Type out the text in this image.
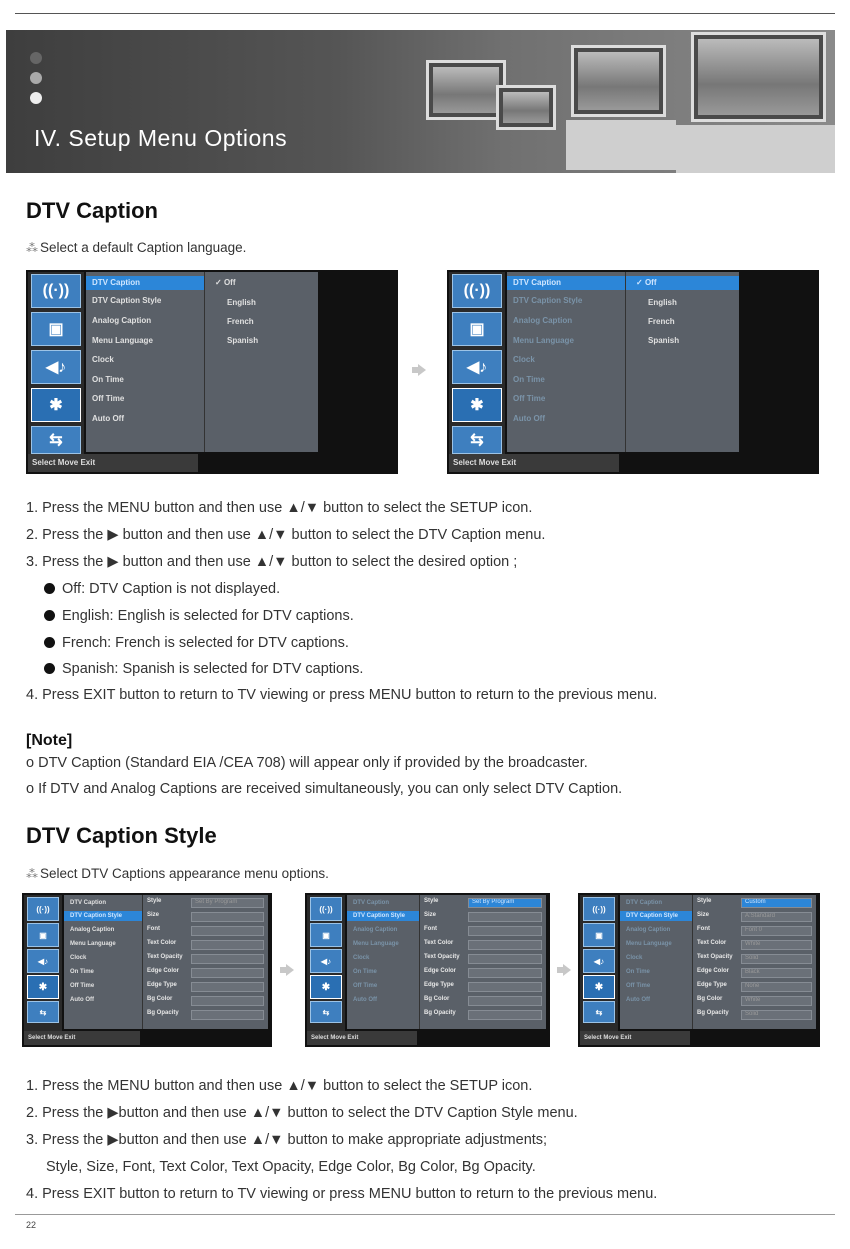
IV. Setup Menu Options
DTV Caption
⁂ Select a default Caption language.
((·))
▣
◀♪
✱
⇆
DTV Caption
DTV Caption Style
Analog Caption
Menu Language
Clock
On Time
Off Time
Auto Off
✓ Off
English
French
Spanish
Select Move Exit
((·))
▣
◀♪
✱
⇆
DTV Caption
DTV Caption Style
Analog Caption
Menu Language
Clock
On Time
Off Time
Auto Off
✓ Off
English
French
Spanish
Select Move Exit
1. Press the MENU button and then use ▲/▼ button to select the SETUP icon.
2. Press the ▶ button and then use ▲/▼ button to select the DTV Caption menu.
3. Press the ▶ button and then use ▲/▼ button to select the desired option ;
Off: DTV Caption is not displayed.
English: English is selected for DTV captions.
French: French is selected for DTV captions.
Spanish: Spanish is selected for DTV captions.
4. Press EXIT button to return to TV viewing or press MENU button to return to the previous menu.
[Note]
o DTV Caption (Standard EIA /CEA 708) will appear only if provided by the broadcaster.
o If DTV and Analog Captions are received simultaneously, you can only select DTV Caption.
DTV Caption Style
⁂ Select DTV Captions appearance menu options.
((·))
▣
◀♪
✱
⇆
DTV Caption
DTV Caption Style
Analog Caption
Menu Language
Clock
On Time
Off Time
Auto Off
Style	Set By Program
Size
Font
Text Color
Text Opacity
Edge Color
Edge Type
Bg Color
Bg Opacity
Select Move Exit
((·))
▣
◀♪
✱
⇆
DTV Caption
DTV Caption Style
Analog Caption
Menu Language
Clock
On Time
Off Time
Auto Off
Style	Set By Program
Size
Font
Text Color
Text Opacity
Edge Color
Edge Type
Bg Color
Bg Opacity
Select Move Exit
((·))
▣
◀♪
✱
⇆
DTV Caption
DTV Caption Style
Analog Caption
Menu Language
Clock
On Time
Off Time
Auto Off
Style	Custom
Size	A:Standard
Font	Font 0
Text Color	White
Text Opacity	Solid
Edge Color	Black
Edge Type	None
Bg Color	White
Bg Opacity	Solid
Select Move Exit
1. Press the MENU button and then use ▲/▼ button to select the SETUP icon.
2. Press the ▶button and then use ▲/▼ button to select the DTV Caption Style menu.
3. Press the ▶button and then use ▲/▼ button to make appropriate adjustments;
Style, Size, Font, Text Color, Text Opacity, Edge Color, Bg Color, Bg Opacity.
4. Press EXIT button to return to TV viewing or press MENU button to return to the previous menu.
22
